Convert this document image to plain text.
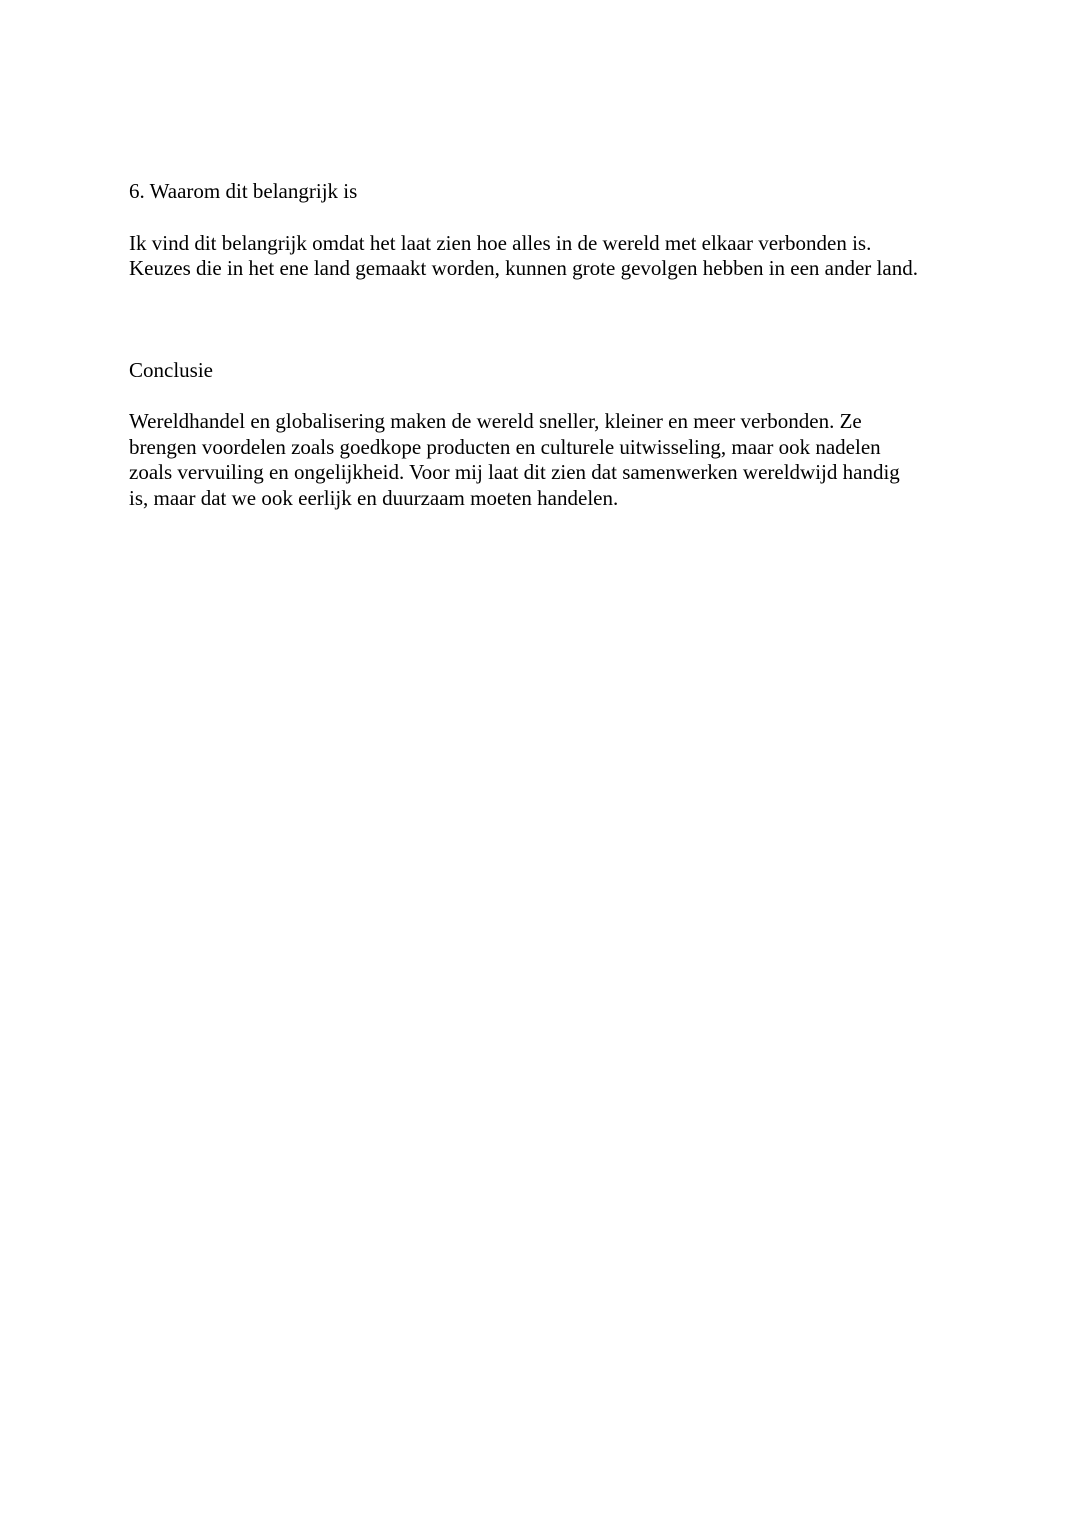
6. Waarom dit belangrijk is

Ik vind dit belangrijk omdat het laat zien hoe alles in de wereld met elkaar verbonden is.
Keuzes die in het ene land gemaakt worden, kunnen grote gevolgen hebben in een ander land.

Conclusie

Wereldhandel en globalisering maken de wereld sneller, kleiner en meer verbonden. Ze
brengen voordelen zoals goedkope producten en culturele uitwisseling, maar ook nadelen
zoals vervuiling en ongelijkheid. Voor mij laat dit zien dat samenwerken wereldwijd handig
is, maar dat we ook eerlijk en duurzaam moeten handelen.
